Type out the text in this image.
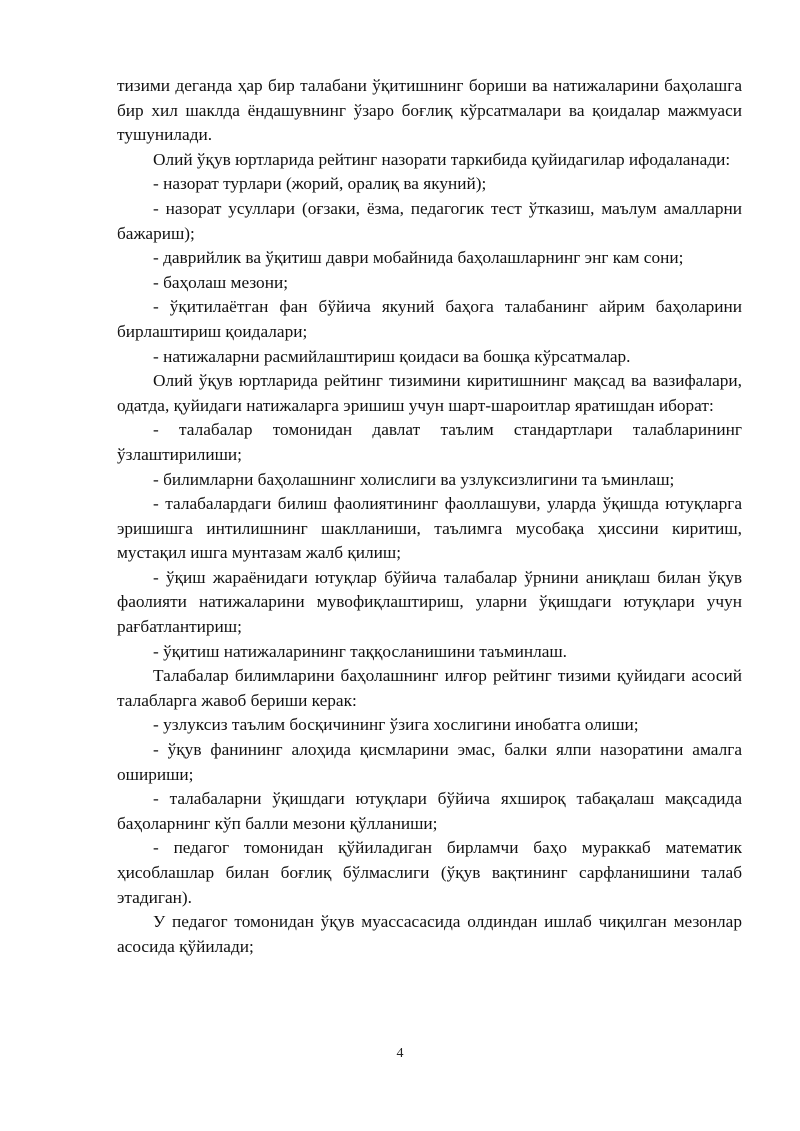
тизими деганда ҳар бир талабани ўқитишнинг бориши ва натижаларини баҳолашга бир хил шаклда ёндашувнинг ўзаро боғлиқ кўрсатмалари ва қоидалар мажмуаси тушунилади.

Олий ўқув юртларида рейтинг назорати таркибида қуйидагилар ифодаланади:

- назорат турлари (жорий, оралиқ ва якуний);

- назорат усуллари (оғзаки, ёзма, педагогик тест ўтказиш, маълум амалларни бажариш);

- даврийлик ва ўқитиш даври мобайнида баҳолашларнинг энг кам сони;

- баҳолаш мезони;

- ўқитилаётган фан бўйича якуний баҳога талабанинг айрим баҳоларини бирлаштириш қоидалари;

- натижаларни расмийлаштириш қоидаси ва бошқа кўрсатмалар.

Олий ўқув юртларида рейтинг тизимини киритишнинг мақсад ва вазифалари, одатда, қуйидаги натижаларга эришиш учун шарт-шароитлар яратишдан иборат:

- талабалар томонидан давлат таълим стандартлари талабларининг ўзлаштирилиши;

- билимларни баҳолашнинг холислиги ва узлуксизлигини та ъминлаш;

- талабалардаги билиш фаолиятининг фаоллашуви, уларда ўқишда ютуқларга эришишга интилишнинг шаклланиши, таълимга мусобақа ҳиссини киритиш, мустақил ишга мунтазам жалб қилиш;

- ўқиш жараёнидаги ютуқлар бўйича талабалар ўрнини аниқлаш билан ўқув фаолияти натижаларини мувофиқлаштириш, уларни ўқишдаги ютуқлари учун рағбатлантириш;

- ўқитиш натижаларининг таққосланишини таъминлаш.

Талабалар билимларини баҳолашнинг илғор рейтинг тизими қуйидаги асосий талабларга жавоб бериши керак:

- узлуксиз таълим босқичининг ўзига хослигини инобатга олиши;

- ўқув фанининг алоҳида қисмларини эмас, балки ялпи назоратини амалга ошириши;

- талабаларни ўқишдаги ютуқлари бўйича яхшироқ табақалаш мақсадида баҳоларнинг кўп балли мезони қўлланиши;

- педагог томонидан қўйиладиган бирламчи баҳо мураккаб математик ҳисоблашлар билан боғлиқ бўлмаслиги (ўқув вақтининг сарфланишини талаб этадиган).

У педагог томонидан ўқув муассасасида олдиндан ишлаб чиқилган мезонлар асосида қўйилади;

4
